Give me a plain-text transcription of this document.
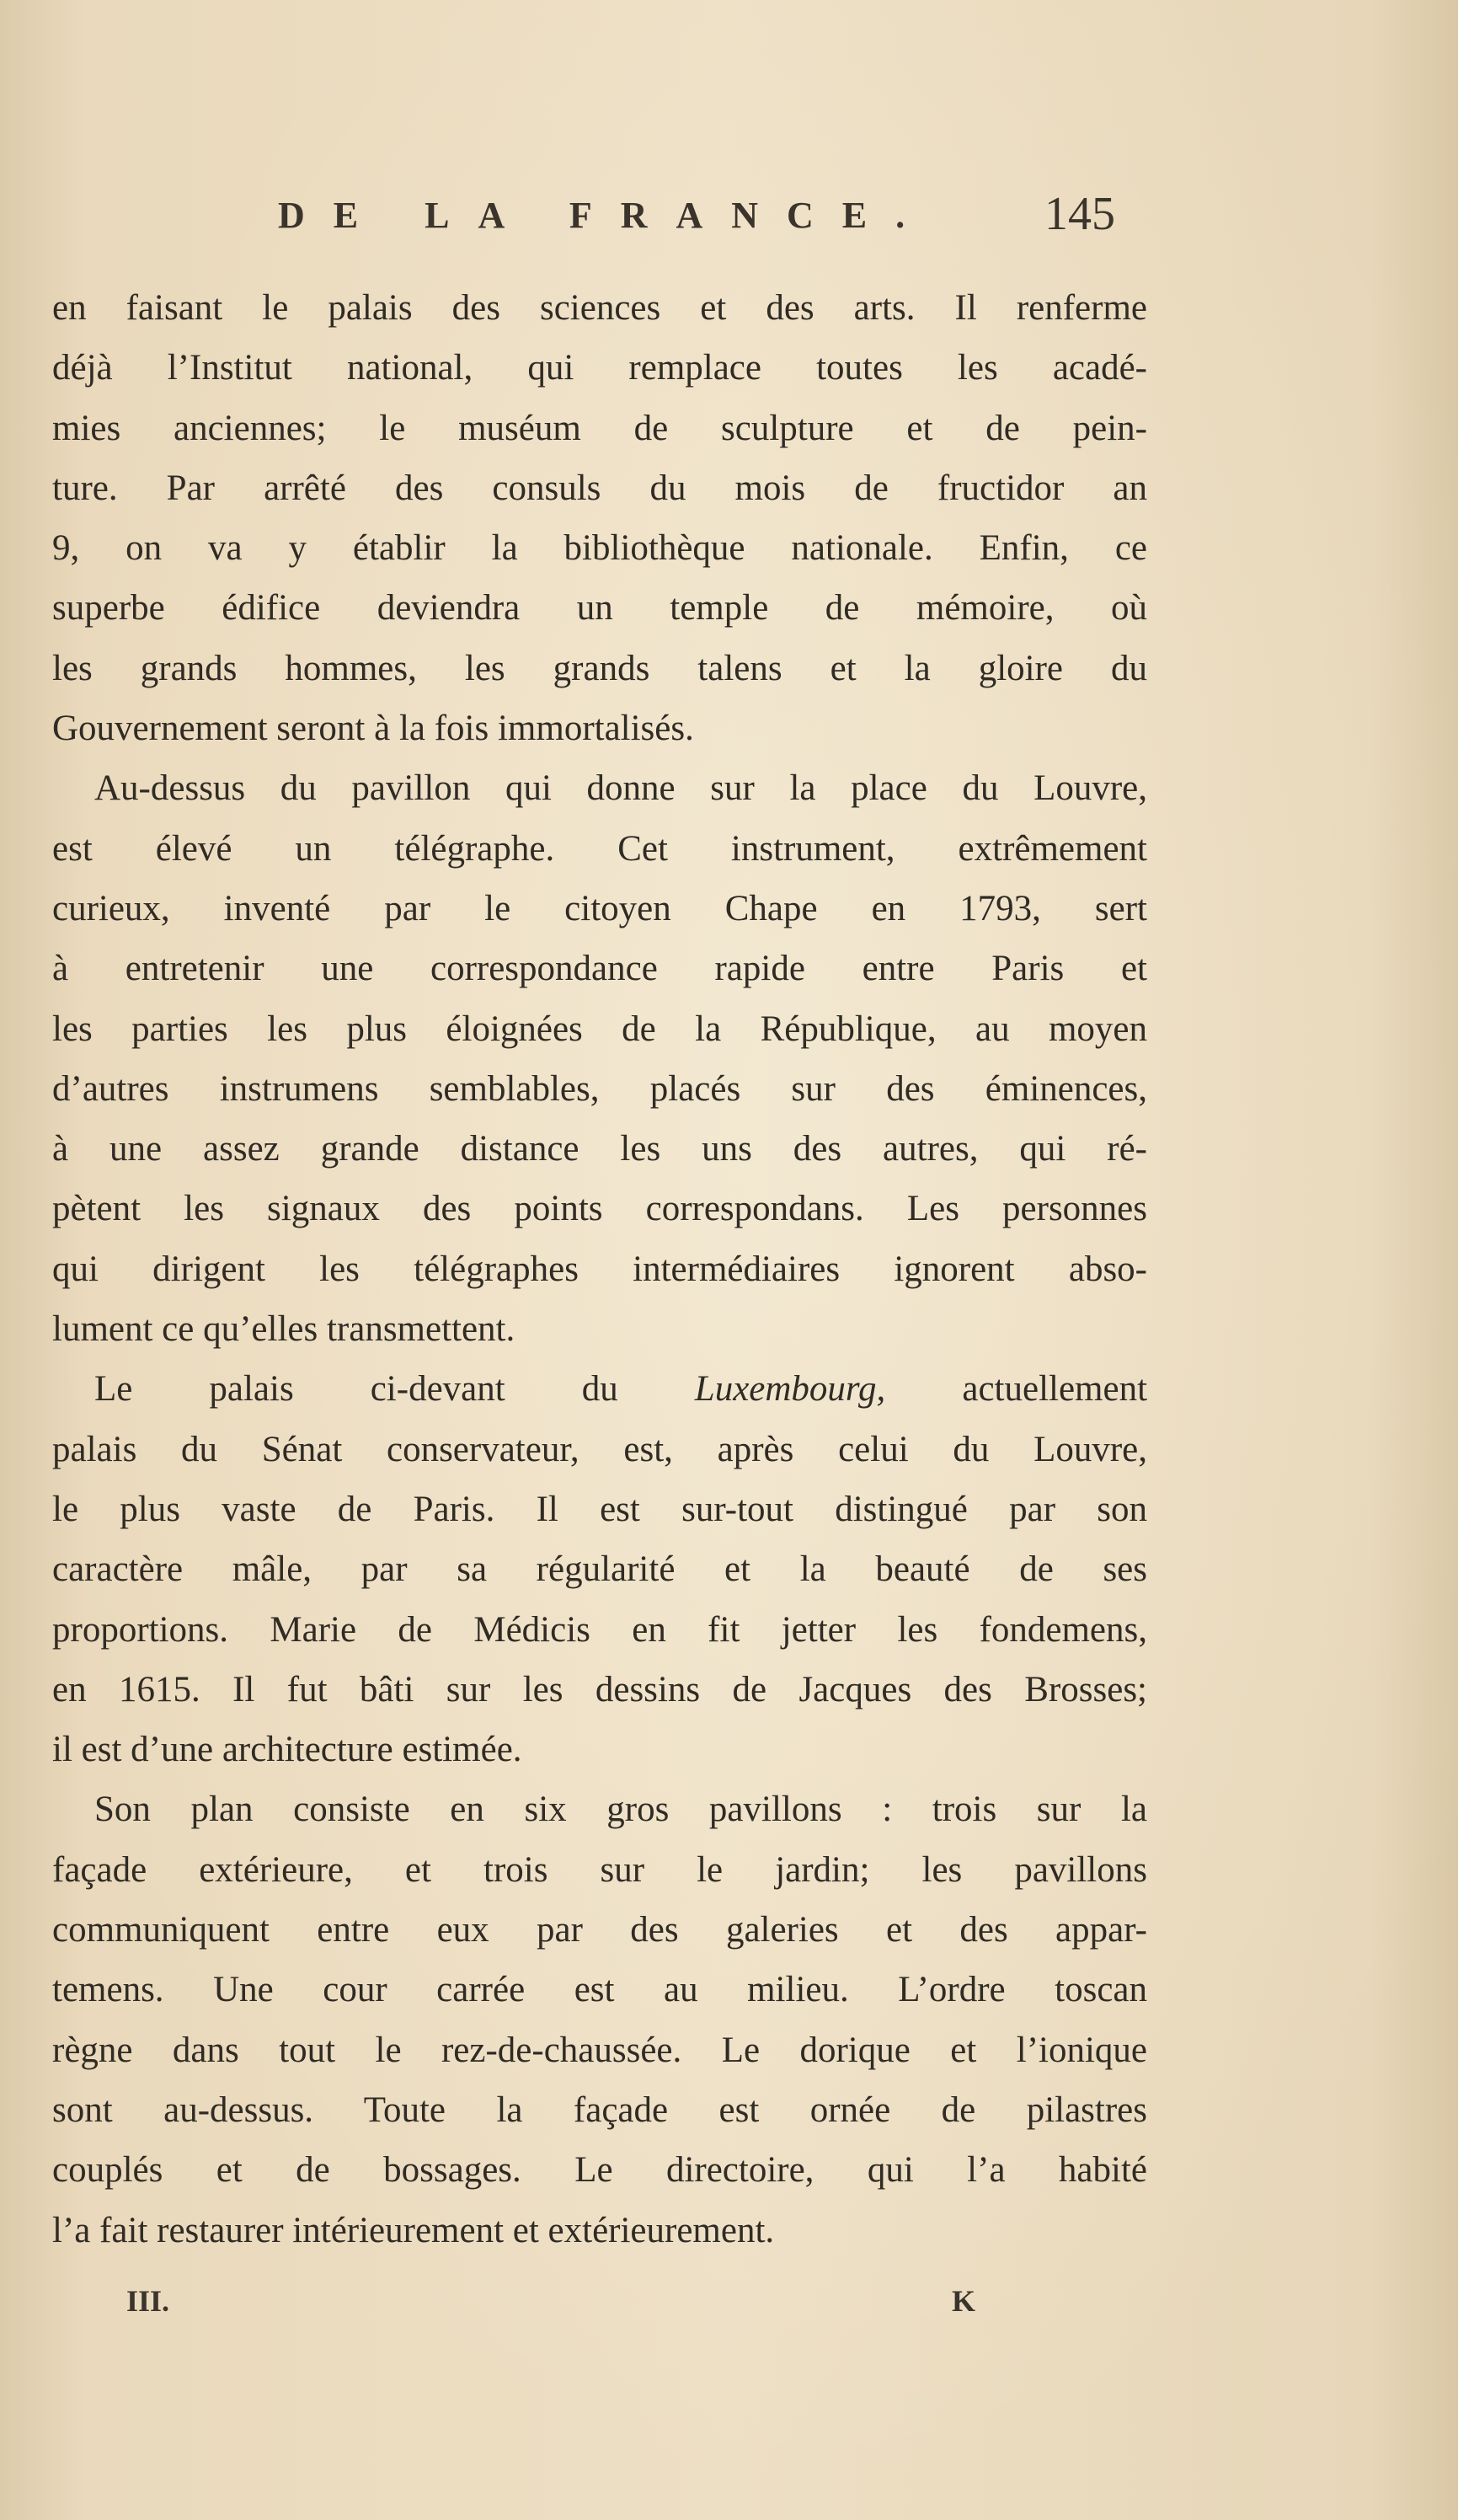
DE LA FRANCE. 145
en faisant le palais des sciences et des arts. Il renferme
déjà l’Institut national, qui remplace toutes les acadé-
mies anciennes; le muséum de sculpture et de pein-
ture. Par arrêté des consuls du mois de fructidor an
9, on va y établir la bibliothèque nationale. Enfin, ce
superbe édifice deviendra un temple de mémoire, où
les grands hommes, les grands talens et la gloire du
Gouvernement seront à la fois immortalisés.
Au-dessus du pavillon qui donne sur la place du Louvre,
est élevé un télégraphe. Cet instrument, extrêmement
curieux, inventé par le citoyen Chape en 1793, sert
à entretenir une correspondance rapide entre Paris et
les parties les plus éloignées de la République, au moyen
d’autres instrumens semblables, placés sur des éminences,
à une assez grande distance les uns des autres, qui ré-
pètent les signaux des points correspondans. Les personnes
qui dirigent les télégraphes intermédiaires ignorent abso-
lument ce qu’elles transmettent.
Le palais ci-devant du Luxembourg, actuellement
palais du Sénat conservateur, est, après celui du Louvre,
le plus vaste de Paris. Il est sur-tout distingué par son
caractère mâle, par sa régularité et la beauté de ses
proportions. Marie de Médicis en fit jetter les fondemens,
en 1615. Il fut bâti sur les dessins de Jacques des Brosses;
il est d’une architecture estimée.
Son plan consiste en six gros pavillons : trois sur la
façade extérieure, et trois sur le jardin; les pavillons
communiquent entre eux par des galeries et des appar-
temens. Une cour carrée est au milieu. L’ordre toscan
règne dans tout le rez-de-chaussée. Le dorique et l’ionique
sont au-dessus. Toute la façade est ornée de pilastres
couplés et de bossages. Le directoire, qui l’a habité
l’a fait restaurer intérieurement et extérieurement.
III.	K
